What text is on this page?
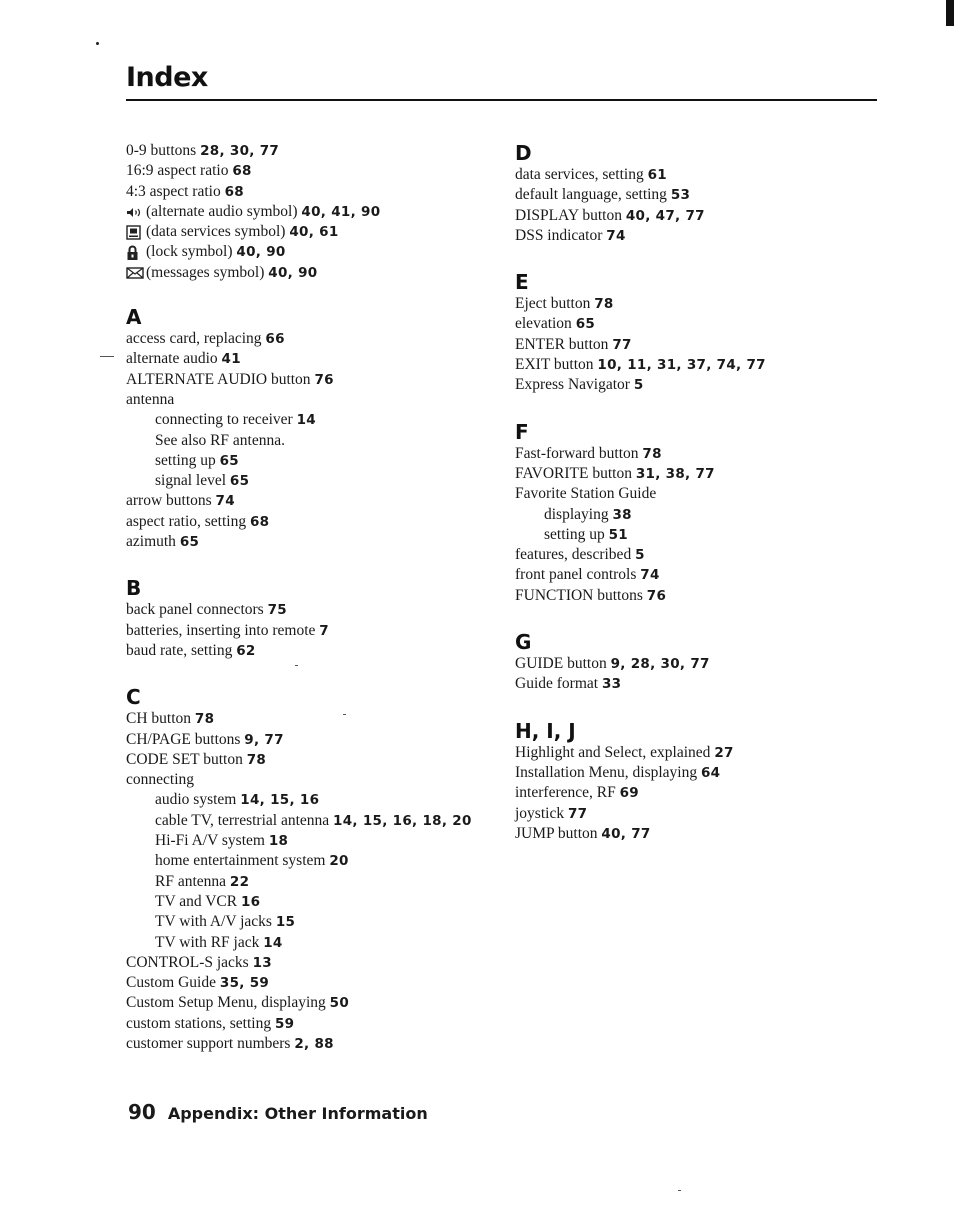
Index
0-9 buttons 28, 30, 77
16:9 aspect ratio 68
4:3 aspect ratio 68
(alternate audio symbol) 40, 41, 90
(data services symbol) 40, 61
(lock symbol) 40, 90
(messages symbol) 40, 90
A
access card, replacing 66
alternate audio 41
ALTERNATE AUDIO button 76
antenna
connecting to receiver 14
See also RF antenna.
setting up 65
signal level 65
arrow buttons 74
aspect ratio, setting 68
azimuth 65
B
back panel connectors 75
batteries, inserting into remote 7
baud rate, setting 62
C
CH button 78
CH/PAGE buttons 9, 77
CODE SET button 78
connecting
audio system 14, 15, 16
cable TV, terrestrial antenna 14, 15, 16, 18, 20
Hi-Fi A/V system 18
home entertainment system 20
RF antenna 22
TV and VCR 16
TV with A/V jacks 15
TV with RF jack 14
CONTROL-S jacks 13
Custom Guide 35, 59
Custom Setup Menu, displaying 50
custom stations, setting 59
customer support numbers 2, 88
D
data services, setting 61
default language, setting 53
DISPLAY button 40, 47, 77
DSS indicator 74
E
Eject button 78
elevation 65
ENTER button 77
EXIT button 10, 11, 31, 37, 74, 77
Express Navigator 5
F
Fast-forward button 78
FAVORITE button 31, 38, 77
Favorite Station Guide
displaying 38
setting up 51
features, described 5
front panel controls 74
FUNCTION buttons 76
G
GUIDE button 9, 28, 30, 77
Guide format 33
H, I, J
Highlight and Select, explained 27
Installation Menu, displaying 64
interference, RF 69
joystick 77
JUMP button 40, 77
90 Appendix: Other Information
